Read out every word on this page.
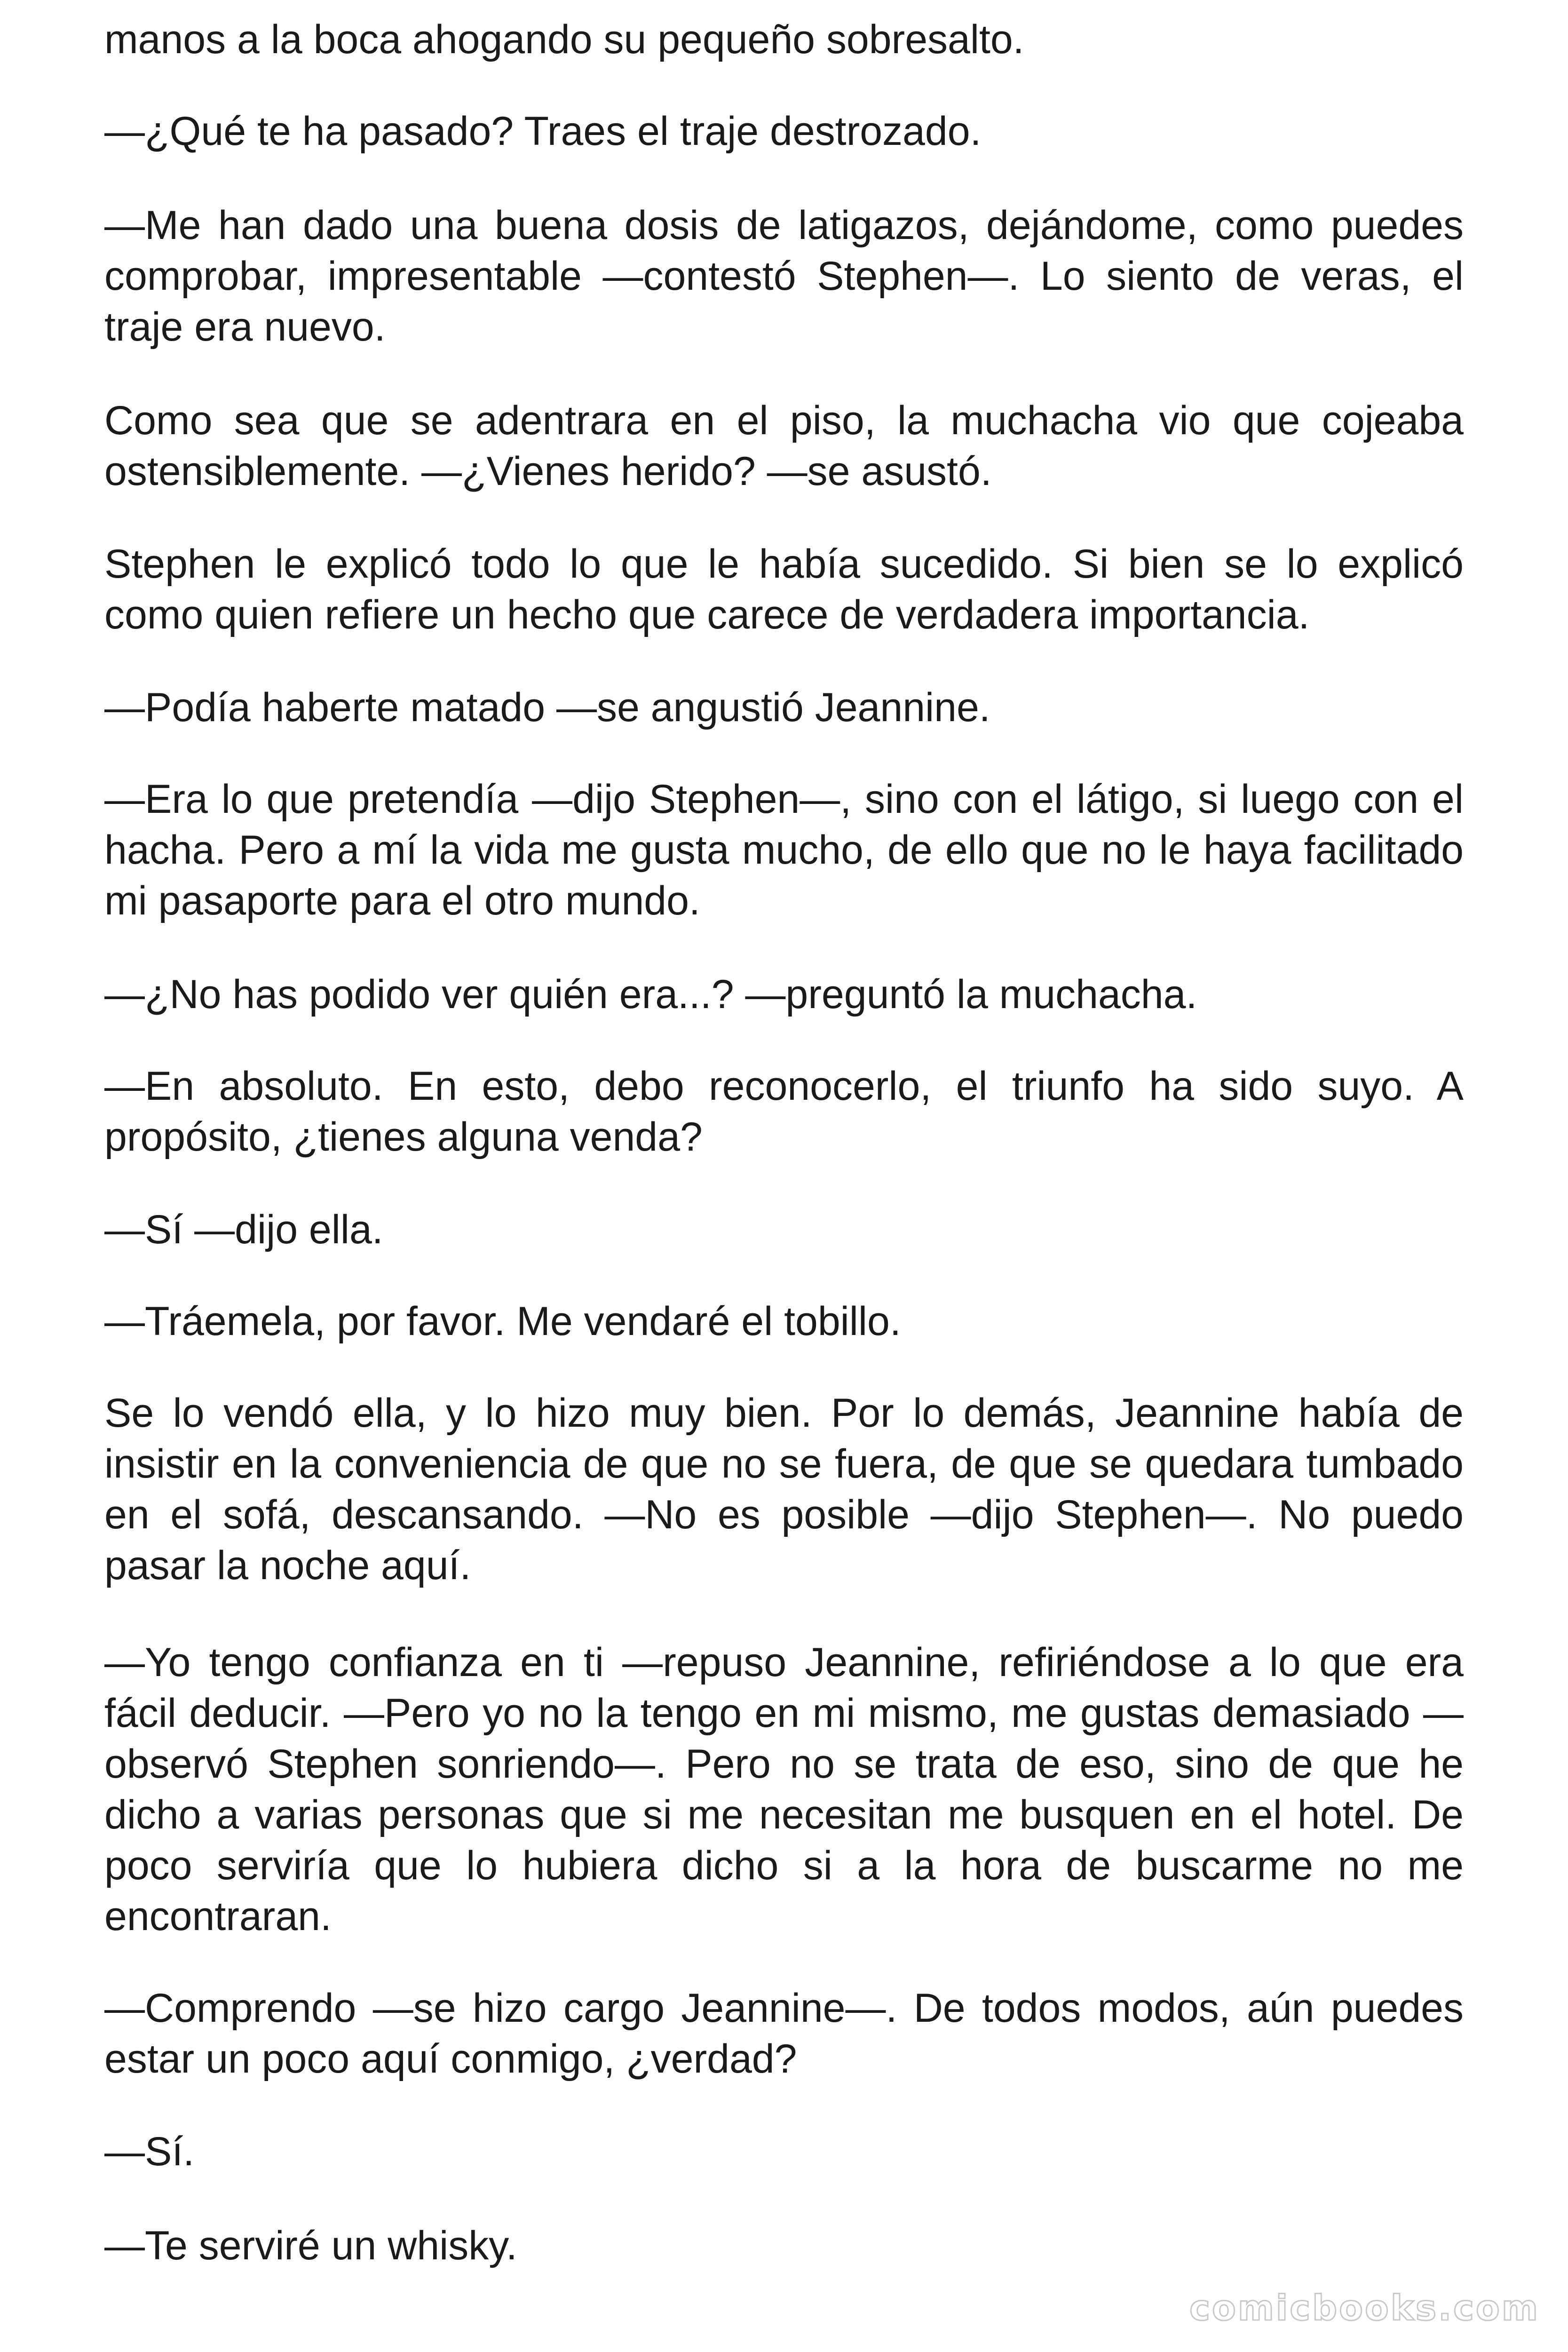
manos a la boca ahogando su pequeño sobresalto.

—¿Qué te ha pasado? Traes el traje destrozado.

—Me han dado una buena dosis de latigazos, dejándome, como puedes comprobar, impresentable —contestó Stephen—. Lo siento de veras, el traje era nuevo.

Como sea que se adentrara en el piso, la muchacha vio que cojeaba ostensiblemente. —¿Vienes herido? —se asustó.

Stephen le explicó todo lo que le había sucedido. Si bien se lo explicó como quien refiere un hecho que carece de verdadera importancia.

—Podía haberte matado —se angustió Jeannine.

—Era lo que pretendía —dijo Stephen—, sino con el látigo, si luego con el hacha. Pero a mí la vida me gusta mucho, de ello que no le haya facilitado mi pasaporte para el otro mundo.

—¿No has podido ver quién era...? —preguntó la muchacha.

—En absoluto. En esto, debo reconocerlo, el triunfo ha sido suyo. A propósito, ¿tienes alguna venda?

—Sí —dijo ella.

—Tráemela, por favor. Me vendaré el tobillo.

Se lo vendó ella, y lo hizo muy bien. Por lo demás, Jeannine había de insistir en la conveniencia de que no se fuera, de que se quedara tumbado en el sofá, descansando. —No es posible —dijo Stephen—. No puedo pasar la noche aquí.

—Yo tengo confianza en ti —repuso Jeannine, refiriéndose a lo que era fácil deducir. —Pero yo no la tengo en mi mismo, me gustas demasiado —observó Stephen sonriendo—. Pero no se trata de eso, sino de que he dicho a varias personas que si me necesitan me busquen en el hotel. De poco serviría que lo hubiera dicho si a la hora de buscarme no me encontraran.

—Comprendo —se hizo cargo Jeannine—. De todos modos, aún puedes estar un poco aquí conmigo, ¿verdad?

—Sí.

—Te serviré un whisky.

comicbooks.com
